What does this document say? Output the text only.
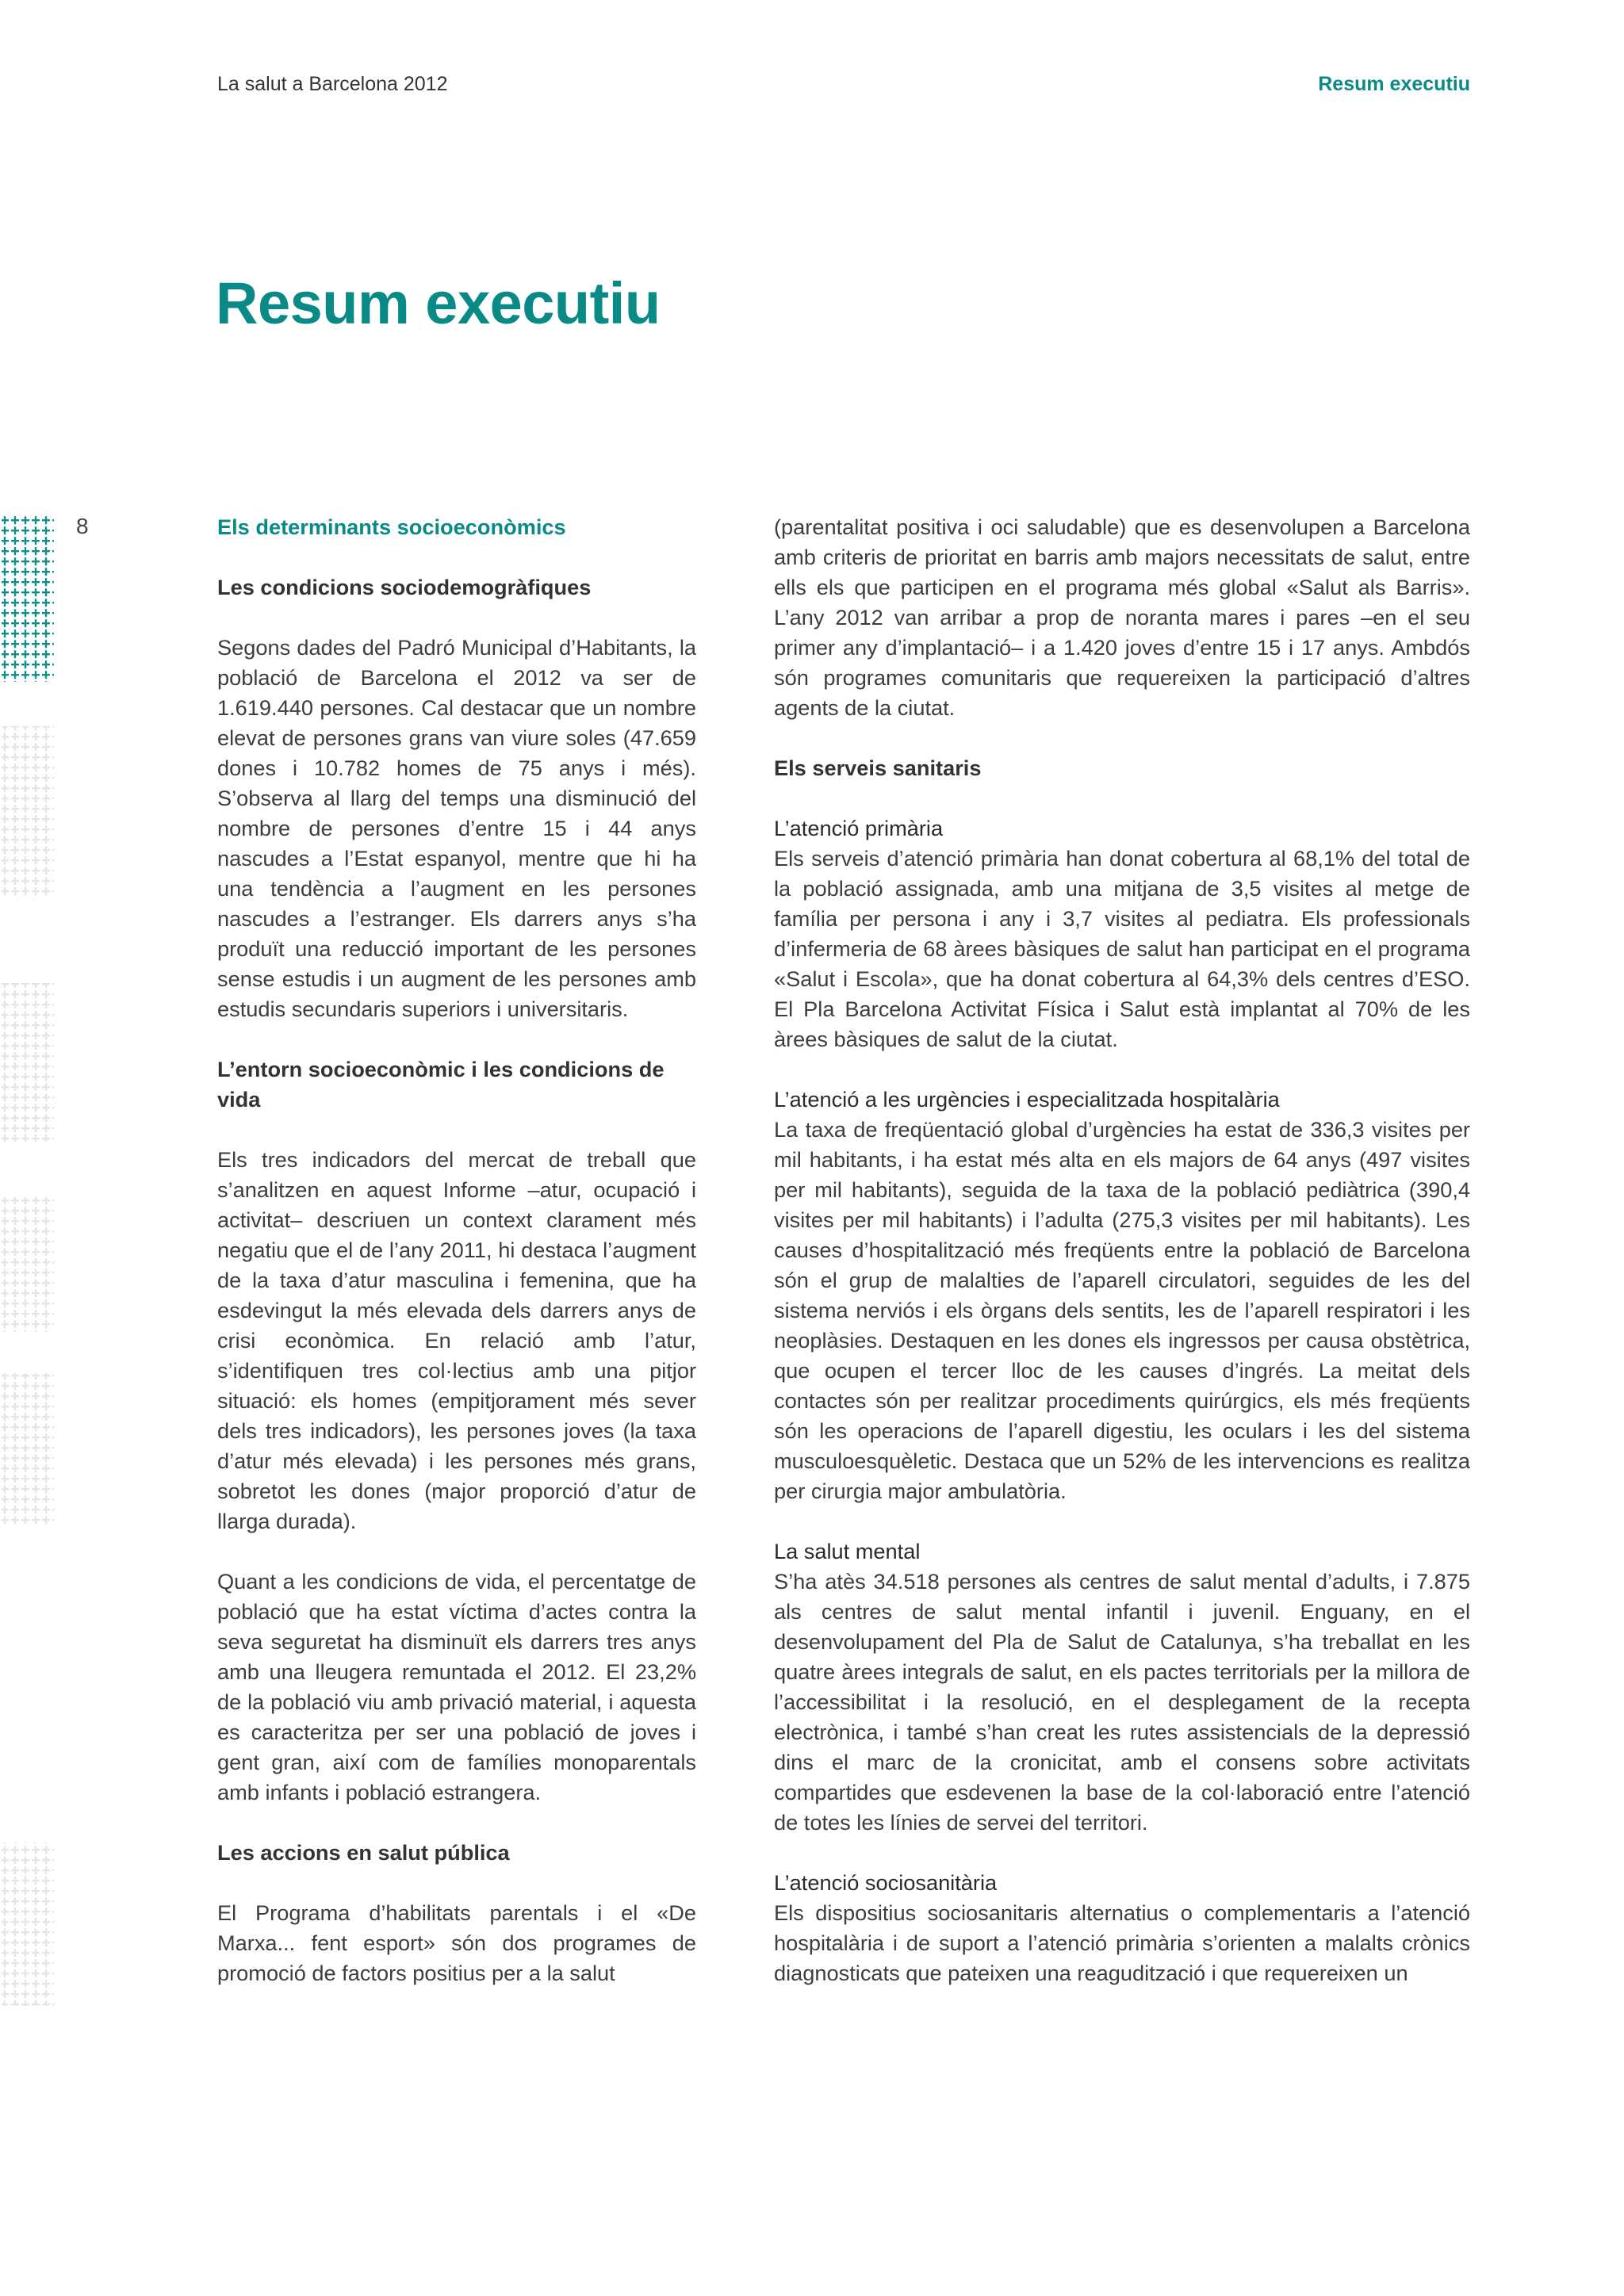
La salut a Barcelona 2012	Resum executiu
Resum executiu
8	Els determinants socioeconòmics
Les condicions sociodemogràfiques

Segons dades del Padró Municipal d’Habitants, la població de Barcelona el 2012 va ser de 1.619.440 persones. Cal destacar que un nombre elevat de persones grans van viure soles (47.659 dones i 10.782 homes de 75 anys i més). S’observa al llarg del temps una disminució del nombre de persones d’entre 15 i 44 anys nascudes a l’Estat espanyol, mentre que hi ha una tendència a l’augment en les persones nascudes a l’estranger. Els darrers anys s’ha produït una reducció important de les persones sense estudis i un augment de les persones amb estudis secundaris superiors i universitaris.

L’entorn socioeconòmic i les condicions de vida

Els tres indicadors del mercat de treball que s’analitzen en aquest Informe –atur, ocupació i activitat– descriuen un context clarament més negatiu que el de l’any 2011, hi destaca l’augment de la taxa d’atur masculina i femenina, que ha esdevingut la més elevada dels darrers anys de crisi econòmica. En relació amb l’atur, s’identifiquen tres col·lectius amb una pitjor situació: els homes (empitjorament més sever dels tres indicadors), les persones joves (la taxa d’atur més elevada) i les persones més grans, sobretot les dones (major proporció d’atur de llarga durada).

Quant a les condicions de vida, el percentatge de població que ha estat víctima d’actes contra la seva seguretat ha disminuït els darrers tres anys amb una lleugera remuntada el 2012. El 23,2% de la població viu amb privació material, i aquesta es caracteritza per ser una població de joves i gent gran, així com de famílies monoparentals amb infants i població estrangera.

Les accions en salut pública

El Programa d’habilitats parentals i el «De Marxa... fent esport» són dos programes de promoció de factors positius per a la salut

(parentalitat positiva i oci saludable) que es desenvolupen a Barcelona amb criteris de prioritat en barris amb majors necessitats de salut, entre ells els que participen en el programa més global «Salut als Barris». L’any 2012 van arribar a prop de noranta mares i pares –en el seu primer any d’implantació– i a 1.420 joves d’entre 15 i 17 anys. Ambdós són programes comunitaris que requereixen la participació d’altres agents de la ciutat.

Els serveis sanitaris
L’atenció primària

Els serveis d’atenció primària han donat cobertura al 68,1% del total de la població assignada, amb una mitjana de 3,5 visites al metge de família per persona i any i 3,7 visites al pediatra. Els professionals d’infermeria de 68 àrees bàsiques de salut han participat en el programa «Salut i Escola», que ha donat cobertura al 64,3% dels centres d’ESO. El Pla Barcelona Activitat Física i Salut està implantat al 70% de les àrees bàsiques de salut de la ciutat.

L’atenció a les urgències i especialitzada hospitalària

La taxa de freqüentació global d’urgències ha estat de 336,3 visites per mil habitants, i ha estat més alta en els majors de 64 anys (497 visites per mil habitants), seguida de la taxa de la població pediàtrica (390,4 visites per mil habitants) i l’adulta (275,3 visites per mil habitants). Les causes d’hospitalització més freqüents entre la població de Barcelona són el grup de malalties de l’aparell circulatori, seguides de les del sistema nerviós i els òrgans dels sentits, les de l’aparell respiratori i les neoplàsies. Destaquen en les dones els ingressos per causa obstètrica, que ocupen el tercer lloc de les causes d’ingrés. La meitat dels contactes són per realitzar procediments quirúrgics, els més freqüents són les operacions de l’aparell digestiu, les oculars i les del sistema musculoesquèletic. Destaca que un 52% de les intervencions es realitza per cirurgia major ambulatòria.

La salut mental

S’ha atès 34.518 persones als centres de salut mental d’adults, i 7.875 als centres de salut mental infantil i juvenil. Enguany, en el desenvolupament del Pla de Salut de Catalunya, s’ha treballat en les quatre àrees integrals de salut, en els pactes territorials per la millora de l’accessibilitat i la resolució, en el desplegament de la recepta electrònica, i també s’han creat les rutes assistencials de la depressió dins el marc de la cronicitat, amb el consens sobre activitats compartides que esdevenen la base de la col·laboració entre l’atenció de totes les línies de servei del territori.

L’atenció sociosanitària

Els dispositius sociosanitaris alternatius o complementaris a l’atenció hospitalària i de suport a l’atenció primària s’orienten a malalts crònics diagnosticats que pateixen una reagudització i que requereixen un
